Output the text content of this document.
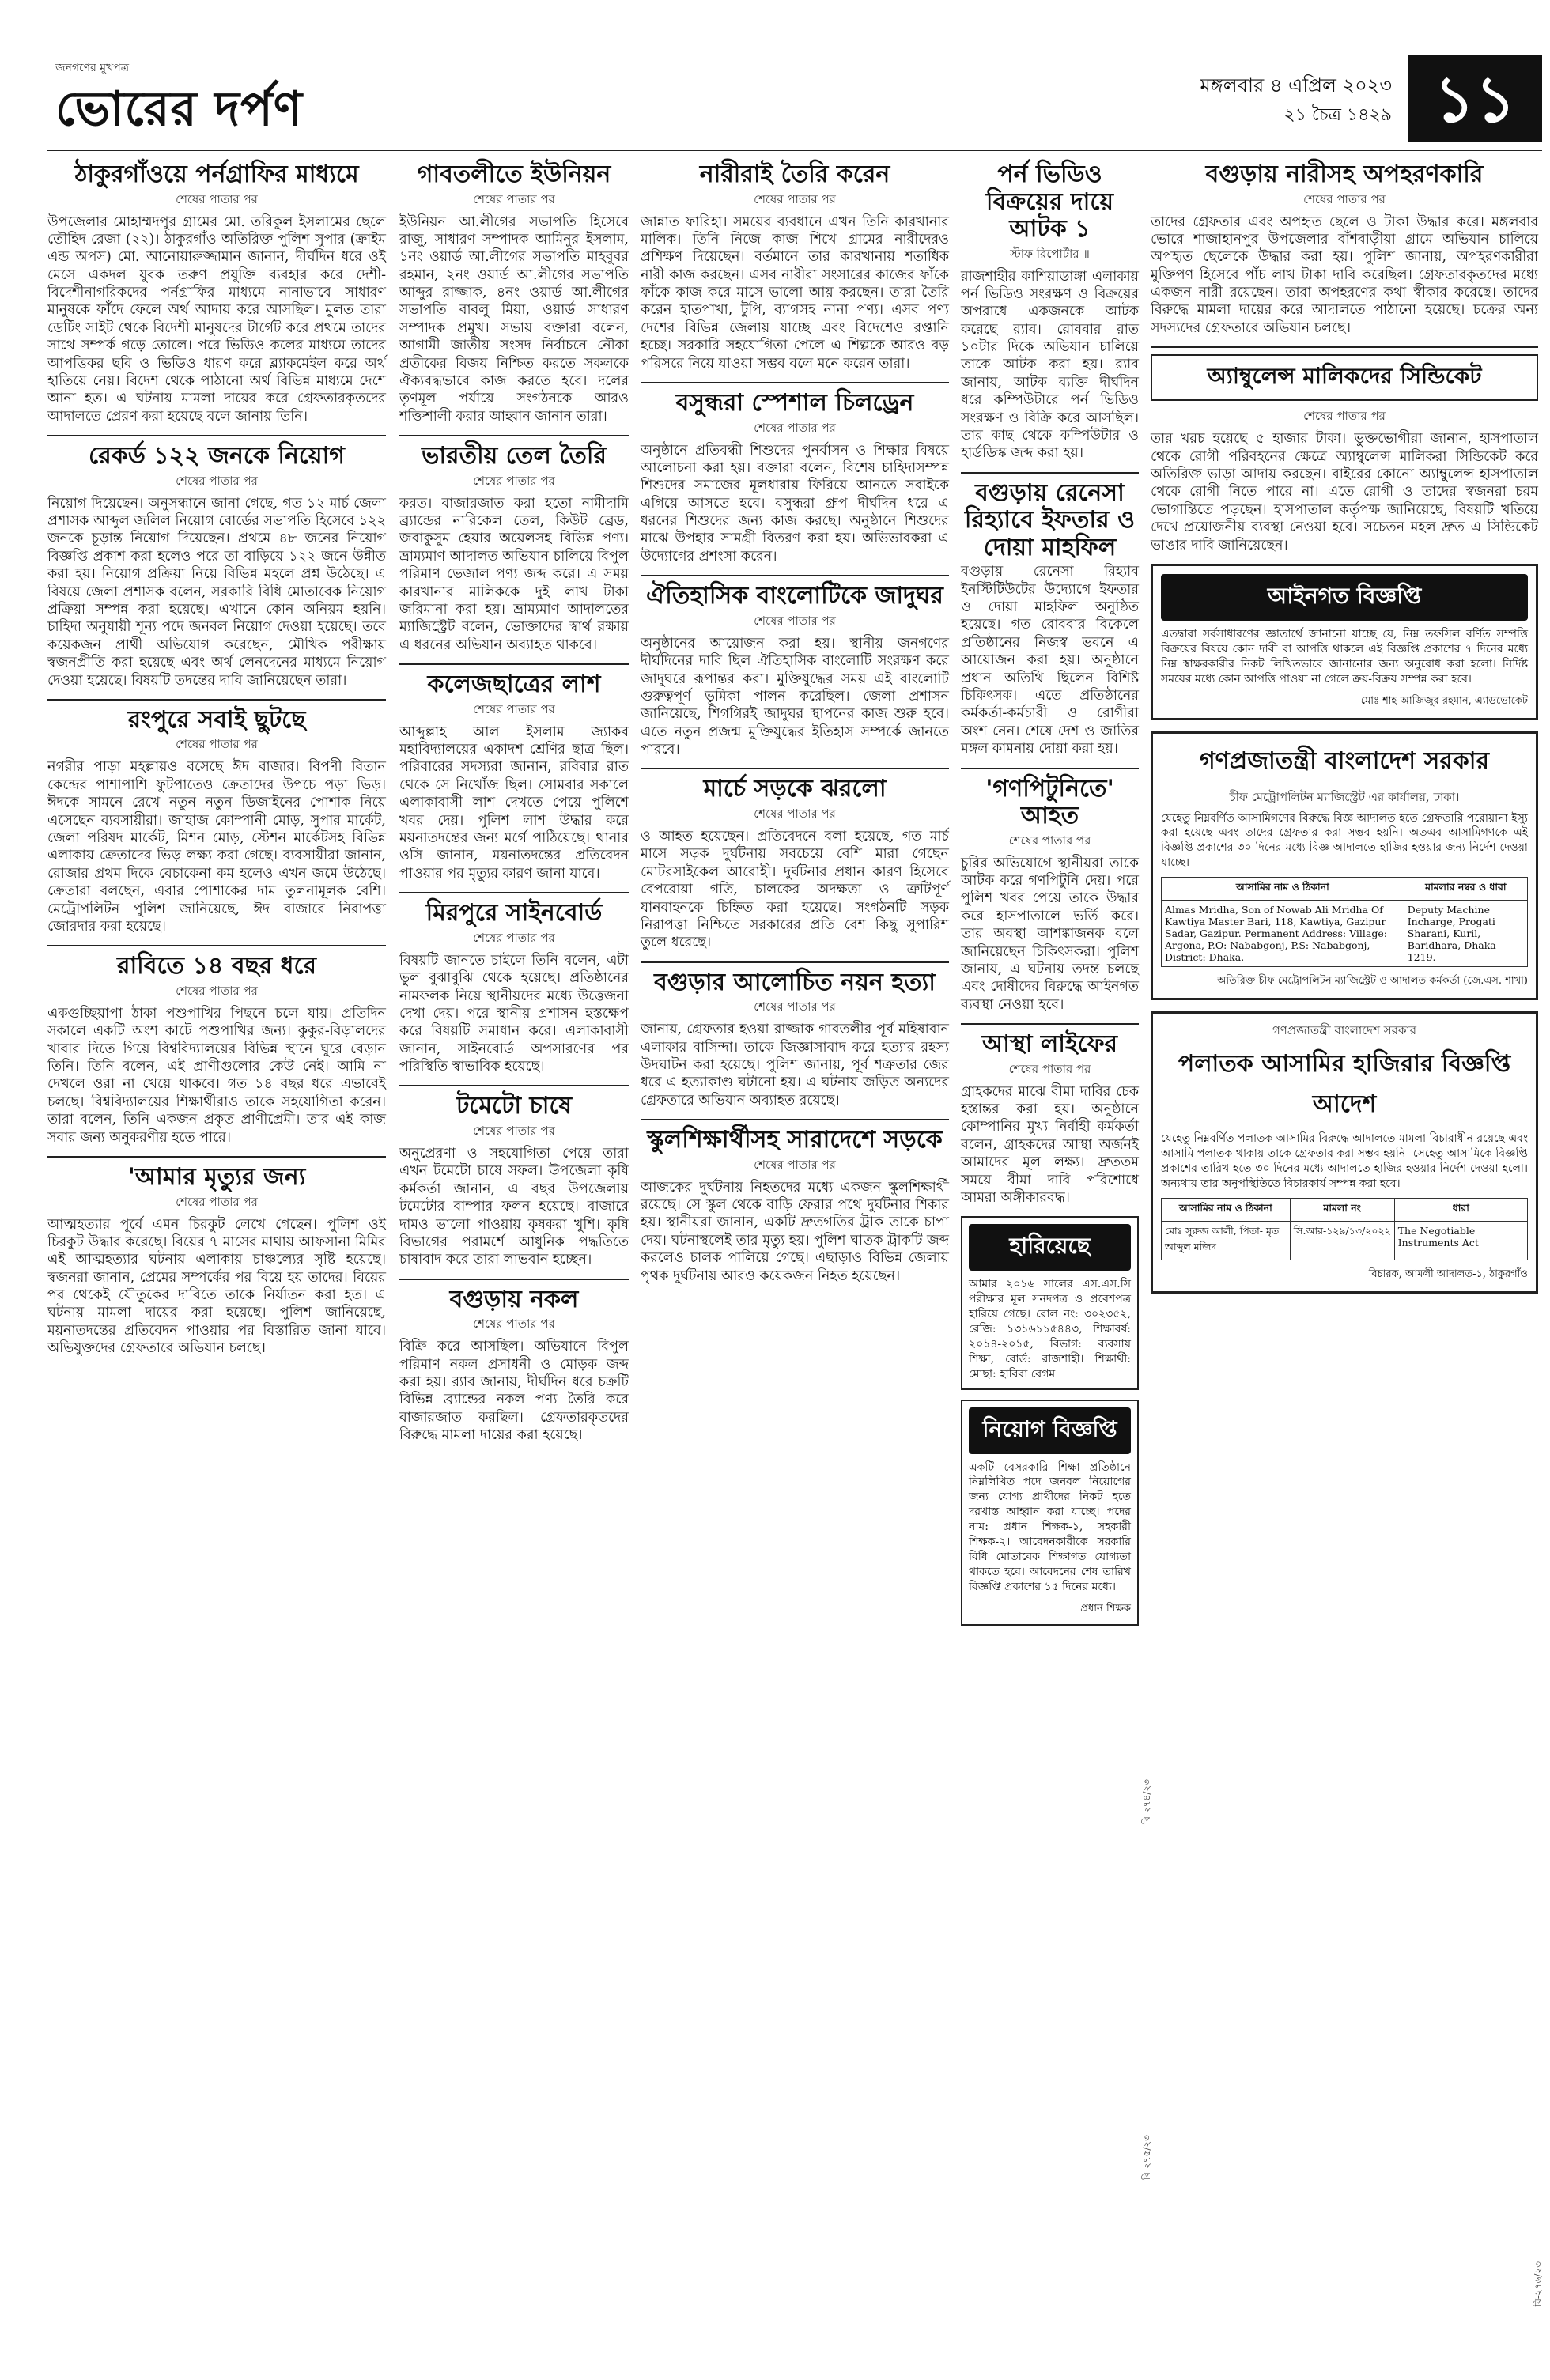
জনগণের মুখপত্র
ভোরের দর্পণ	মঙ্গলবার ৪ এপ্রিল ২০২৩
২১ চৈত্র ১৪২৯ ১১
ঠাকুরগাঁওয়ে পর্নগ্রাফির মাধ্যমে
শেষের পাতার পর
উপজেলার মোহাম্মদপুর গ্রামের মো. তরিকুল ইসলামের ছেলে তৌহিদ রেজা (২২)। ঠাকুরগাঁও অতিরিক্ত পুলিশ সুপার (ক্রাইম এন্ড অপস) মো. আনোয়ারুজ্জামান জানান, দীর্ঘদিন ধরে ওই মেসে একদল যুবক তরুণ প্রযুক্তি ব্যবহার করে দেশী-বিদেশীনাগরিকদের পর্নগ্রাফির মাধ্যমে নানাভাবে সাধারণ মানুষকে ফাঁদে ফেলে অর্থ আদায় করে আসছিল। মুলত তারা ডেটিং সাইট থেকে বিদেশী মানুষদের টার্গেট করে প্রথমে তাদের সাথে সম্পর্ক গড়ে তোলে। পরে ভিডিও কলের মাধ্যমে তাদের আপত্তিকর ছবি ও ভিডিও ধারণ করে ব্ল্যাকমেইল করে অর্থ হাতিয়ে নেয়। বিদেশ থেকে পাঠানো অর্থ বিভিন্ন মাধ্যমে দেশে আনা হত। এ ঘটনায় মামলা দায়ের করে গ্রেফতারকৃতদের আদালতে প্রেরণ করা হয়েছে বলে জানায় তিনি।
রেকর্ড ১২২ জনকে নিয়োগ
শেষের পাতার পর
নিয়োগ দিয়েছেন। অনুসন্ধানে জানা গেছে, গত ১২ মার্চ জেলা প্রশাসক আব্দুল জলিল নিয়োগ বোর্ডের সভাপতি হিসেবে ১২২ জনকে চূড়ান্ত নিয়োগ দিয়েছেন। প্রথমে ৪৮ জনের নিয়োগ বিজ্ঞপ্তি প্রকাশ করা হলেও পরে তা বাড়িয়ে ১২২ জনে উন্নীত করা হয়। নিয়োগ প্রক্রিয়া নিয়ে বিভিন্ন মহলে প্রশ্ন উঠেছে। এ বিষয়ে জেলা প্রশাসক বলেন, সরকারি বিধি মোতাবেক নিয়োগ প্রক্রিয়া সম্পন্ন করা হয়েছে। এখানে কোন অনিয়ম হয়নি। চাহিদা অনুযায়ী শূন্য পদে জনবল নিয়োগ দেওয়া হয়েছে। তবে কয়েকজন প্রার্থী অভিযোগ করেছেন, মৌখিক পরীক্ষায় স্বজনপ্রীতি করা হয়েছে এবং অর্থ লেনদেনের মাধ্যমে নিয়োগ দেওয়া হয়েছে। বিষয়টি তদন্তের দাবি জানিয়েছেন তারা।
রংপুরে সবাই ছুটছে
শেষের পাতার পর
নগরীর পাড়া মহল্লায়ও বসেছে ঈদ বাজার। বিপণী বিতান কেন্দ্রের পাশাপাশি ফুটপাতেও ক্রেতাদের উপচে পড়া ভিড়। ঈদকে সামনে রেখে নতুন নতুন ডিজাইনের পোশাক নিয়ে এসেছেন ব্যবসায়ীরা। জাহাজ কোম্পানী মোড়, সুপার মার্কেট, জেলা পরিষদ মার্কেট, মিশন মোড়, স্টেশন মার্কেটসহ বিভিন্ন এলাকায় ক্রেতাদের ভিড় লক্ষ্য করা গেছে। ব্যবসায়ীরা জানান, রোজার প্রথম দিকে বেচাকেনা কম হলেও এখন জমে উঠেছে। ক্রেতারা বলছেন, এবার পোশাকের দাম তুলনামূলক বেশি। মেট্রোপলিটন পুলিশ জানিয়েছে, ঈদ বাজারে নিরাপত্তা জোরদার করা হয়েছে।
রাবিতে ১৪ বছর ধরে
শেষের পাতার পর
একগুচ্ছিয়াপা ঠাকা পশুপাখির পিছনে চলে যায়। প্রতিদিন সকালে একটি অংশ কাটে পশুপাখির জন্য। কুকুর-বিড়ালদের খাবার দিতে গিয়ে বিশ্ববিদ্যালয়ের বিভিন্ন স্থানে ঘুরে বেড়ান তিনি। তিনি বলেন, এই প্রাণীগুলোর কেউ নেই। আমি না দেখলে ওরা না খেয়ে থাকবে। গত ১৪ বছর ধরে এভাবেই চলছে। বিশ্ববিদ্যালয়ের শিক্ষার্থীরাও তাকে সহযোগিতা করেন। তারা বলেন, তিনি একজন প্রকৃত প্রাণীপ্রেমী। তার এই কাজ সবার জন্য অনুকরণীয় হতে পারে।
'আমার মৃত্যুর জন্য
শেষের পাতার পর
আত্মহত্যার পূর্বে এমন চিরকুট লেখে গেছেন। পুলিশ ওই চিরকুট উদ্ধার করেছে। বিয়ের ৭ মাসের মাথায় আফসানা মিমির এই আত্মহত্যার ঘটনায় এলাকায় চাঞ্চল্যের সৃষ্টি হয়েছে। স্বজনরা জানান, প্রেমের সম্পর্কের পর বিয়ে হয় তাদের। বিয়ের পর থেকেই যৌতুকের দাবিতে তাকে নির্যাতন করা হত। এ ঘটনায় মামলা দায়ের করা হয়েছে। পুলিশ জানিয়েছে, ময়নাতদন্তের প্রতিবেদন পাওয়ার পর বিস্তারিত জানা যাবে। অভিযুক্তদের গ্রেফতারে অভিযান চলছে।
গাবতলীতে ইউনিয়ন
শেষের পাতার পর
ইউনিয়ন আ.লীগের সভাপতি হিসেবে রাজু, সাধারণ সম্পাদক আমিনুর ইসলাম, ১নং ওয়ার্ড আ.লীগের সভাপতি মাহবুবর রহমান, ২নং ওয়ার্ড আ.লীগের সভাপতি আব্দুর রাজ্জাক, ৪নং ওয়ার্ড আ.লীগের সভাপতি বাবলু মিয়া, ওয়ার্ড সাধারণ সম্পাদক প্রমুখ। সভায় বক্তারা বলেন, আগামী জাতীয় সংসদ নির্বাচনে নৌকা প্রতীকের বিজয় নিশ্চিত করতে সকলকে ঐক্যবদ্ধভাবে কাজ করতে হবে। দলের তৃণমূল পর্যায়ে সংগঠনকে আরও শক্তিশালী করার আহ্বান জানান তারা।
ভারতীয় তেল তৈরি
শেষের পাতার পর
করত। বাজারজাত করা হতো নামীদামি ব্র্যান্ডের নারিকেল তেল, কিউট ব্রেড, জবাকুসুম হেয়ার অয়েলসহ বিভিন্ন পণ্য। ভ্রাম্যমাণ আদালত অভিযান চালিয়ে বিপুল পরিমাণ ভেজাল পণ্য জব্দ করে। এ সময় কারখানার মালিককে দুই লাখ টাকা জরিমানা করা হয়। ভ্রাম্যমাণ আদালতের ম্যাজিস্ট্রেট বলেন, ভোক্তাদের স্বার্থ রক্ষায় এ ধরনের অভিযান অব্যাহত থাকবে।
কলেজছাত্রের লাশ
শেষের পাতার পর
আব্দুল্লাহ আল ইসলাম জ্যাকব মহাবিদ্যালয়ের একাদশ শ্রেণির ছাত্র ছিল। পরিবারের সদস্যরা জানান, রবিবার রাত থেকে সে নিখোঁজ ছিল। সোমবার সকালে এলাকাবাসী লাশ দেখতে পেয়ে পুলিশে খবর দেয়। পুলিশ লাশ উদ্ধার করে ময়নাতদন্তের জন্য মর্গে পাঠিয়েছে। থানার ওসি জানান, ময়নাতদন্তের প্রতিবেদন পাওয়ার পর মৃত্যুর কারণ জানা যাবে।
মিরপুরে সাইনবোর্ড
শেষের পাতার পর
বিষয়টি জানতে চাইলে তিনি বলেন, এটা ভুল বুঝাবুঝি থেকে হয়েছে। প্রতিষ্ঠানের নামফলক নিয়ে স্থানীয়দের মধ্যে উত্তেজনা দেখা দেয়। পরে স্থানীয় প্রশাসন হস্তক্ষেপ করে বিষয়টি সমাধান করে। এলাকাবাসী জানান, সাইনবোর্ড অপসারণের পর পরিস্থিতি স্বাভাবিক হয়েছে।
টমেটো চাষে
শেষের পাতার পর
অনুপ্রেরণা ও সহযোগিতা পেয়ে তারা এখন টমেটো চাষে সফল। উপজেলা কৃষি কর্মকর্তা জানান, এ বছর উপজেলায় টমেটোর বাম্পার ফলন হয়েছে। বাজারে দামও ভালো পাওয়ায় কৃষকরা খুশি। কৃষি বিভাগের পরামর্শে আধুনিক পদ্ধতিতে চাষাবাদ করে তারা লাভবান হচ্ছেন।
বগুড়ায় নকল
শেষের পাতার পর
বিক্রি করে আসছিল। অভিযানে বিপুল পরিমাণ নকল প্রসাধনী ও মোড়ক জব্দ করা হয়। র‍্যাব জানায়, দীর্ঘদিন ধরে চক্রটি বিভিন্ন ব্র্যান্ডের নকল পণ্য তৈরি করে বাজারজাত করছিল। গ্রেফতারকৃতদের বিরুদ্ধে মামলা দায়ের করা হয়েছে।
নারীরাই তৈরি করেন
শেষের পাতার পর
জান্নাত ফারিহা। সময়ের ব্যবধানে এখন তিনি কারখানার মালিক। তিনি নিজে কাজ শিখে গ্রামের নারীদেরও প্রশিক্ষণ দিয়েছেন। বর্তমানে তার কারখানায় শতাধিক নারী কাজ করছেন। এসব নারীরা সংসারের কাজের ফাঁকে ফাঁকে কাজ করে মাসে ভালো আয় করছেন। তারা তৈরি করেন হাতপাখা, টুপি, ব্যাগসহ নানা পণ্য। এসব পণ্য দেশের বিভিন্ন জেলায় যাচ্ছে এবং বিদেশেও রপ্তানি হচ্ছে। সরকারি সহযোগিতা পেলে এ শিল্পকে আরও বড় পরিসরে নিয়ে যাওয়া সম্ভব বলে মনে করেন তারা।
বসুন্ধরা স্পেশাল চিলড্রেন
শেষের পাতার পর
অনুষ্ঠানে প্রতিবন্ধী শিশুদের পুনর্বাসন ও শিক্ষার বিষয়ে আলোচনা করা হয়। বক্তারা বলেন, বিশেষ চাহিদাসম্পন্ন শিশুদের সমাজের মূলধারায় ফিরিয়ে আনতে সবাইকে এগিয়ে আসতে হবে। বসুন্ধরা গ্রুপ দীর্ঘদিন ধরে এ ধরনের শিশুদের জন্য কাজ করছে। অনুষ্ঠানে শিশুদের মাঝে উপহার সামগ্রী বিতরণ করা হয়। অভিভাবকরা এ উদ্যোগের প্রশংসা করেন।
ঐতিহাসিক বাংলোটিকে জাদুঘর
শেষের পাতার পর
অনুষ্ঠানের আয়োজন করা হয়। স্থানীয় জনগণের দীর্ঘদিনের দাবি ছিল ঐতিহাসিক বাংলোটি সংরক্ষণ করে জাদুঘরে রূপান্তর করা। মুক্তিযুদ্ধের সময় এই বাংলোটি গুরুত্বপূর্ণ ভূমিকা পালন করেছিল। জেলা প্রশাসন জানিয়েছে, শিগগিরই জাদুঘর স্থাপনের কাজ শুরু হবে। এতে নতুন প্রজন্ম মুক্তিযুদ্ধের ইতিহাস সম্পর্কে জানতে পারবে।
মার্চে সড়কে ঝরলো
শেষের পাতার পর
ও আহত হয়েছেন। প্রতিবেদনে বলা হয়েছে, গত মার্চ মাসে সড়ক দুর্ঘটনায় সবচেয়ে বেশি মারা গেছেন মোটরসাইকেল আরোহী। দুর্ঘটনার প্রধান কারণ হিসেবে বেপরোয়া গতি, চালকের অদক্ষতা ও ত্রুটিপূর্ণ যানবাহনকে চিহ্নিত করা হয়েছে। সংগঠনটি সড়ক নিরাপত্তা নিশ্চিতে সরকারের প্রতি বেশ কিছু সুপারিশ তুলে ধরেছে।
বগুড়ার আলোচিত নয়ন হত্যা
শেষের পাতার পর
জানায়, গ্রেফতার হওয়া রাজ্জাক গাবতলীর পূর্ব মহিষাবান এলাকার বাসিন্দা। তাকে জিজ্ঞাসাবাদ করে হত্যার রহস্য উদঘাটন করা হয়েছে। পুলিশ জানায়, পূর্ব শত্রুতার জের ধরে এ হত্যাকাণ্ড ঘটানো হয়। এ ঘটনায় জড়িত অন্যদের গ্রেফতারে অভিযান অব্যাহত রয়েছে।
স্কুলশিক্ষার্থীসহ সারাদেশে সড়কে
শেষের পাতার পর
আজকের দুর্ঘটনায় নিহতদের মধ্যে একজন স্কুলশিক্ষার্থী রয়েছে। সে স্কুল থেকে বাড়ি ফেরার পথে দুর্ঘটনার শিকার হয়। স্থানীয়রা জানান, একটি দ্রুতগতির ট্রাক তাকে চাপা দেয়। ঘটনাস্থলেই তার মৃত্যু হয়। পুলিশ ঘাতক ট্রাকটি জব্দ করলেও চালক পালিয়ে গেছে। এছাড়াও বিভিন্ন জেলায় পৃথক দুর্ঘটনায় আরও কয়েকজন নিহত হয়েছেন।
পর্ন ভিডিও বিক্রয়ের দায়ে আটক ১
স্টাফ রিপোর্টার ॥
রাজশাহীর কাশিয়াডাঙ্গা এলাকায় পর্ন ভিডিও সংরক্ষণ ও বিক্রয়ের অপরাধে একজনকে আটক করেছে র‍্যাব। রোববার রাত ১০টার দিকে অভিযান চালিয়ে তাকে আটক করা হয়। র‍্যাব জানায়, আটক ব্যক্তি দীর্ঘদিন ধরে কম্পিউটারে পর্ন ভিডিও সংরক্ষণ ও বিক্রি করে আসছিল। তার কাছ থেকে কম্পিউটার ও হার্ডডিস্ক জব্দ করা হয়।
বগুড়ায় রেনেসা রিহ্যাবে ইফতার ও দোয়া মাহফিল
বগুড়ায় রেনেসা রিহ্যাব ইনস্টিটিউটের উদ্যোগে ইফতার ও দোয়া মাহফিল অনুষ্ঠিত হয়েছে। গত রোববার বিকেলে প্রতিষ্ঠানের নিজস্ব ভবনে এ আয়োজন করা হয়। অনুষ্ঠানে প্রধান অতিথি ছিলেন বিশিষ্ট চিকিৎসক। এতে প্রতিষ্ঠানের কর্মকর্তা-কর্মচারী ও রোগীরা অংশ নেন। শেষে দেশ ও জাতির মঙ্গল কামনায় দোয়া করা হয়।
'গণপিটুনিতে' আহত
শেষের পাতার পর
চুরির অভিযোগে স্থানীয়রা তাকে আটক করে গণপিটুনি দেয়। পরে পুলিশ খবর পেয়ে তাকে উদ্ধার করে হাসপাতালে ভর্তি করে। তার অবস্থা আশঙ্কাজনক বলে জানিয়েছেন চিকিৎসকরা। পুলিশ জানায়, এ ঘটনায় তদন্ত চলছে এবং দোষীদের বিরুদ্ধে আইনগত ব্যবস্থা নেওয়া হবে।
আস্থা লাইফের
শেষের পাতার পর
গ্রাহকদের মাঝে বীমা দাবির চেক হস্তান্তর করা হয়। অনুষ্ঠানে কোম্পানির মুখ্য নির্বাহী কর্মকর্তা বলেন, গ্রাহকদের আস্থা অর্জনই আমাদের মূল লক্ষ্য। দ্রুততম সময়ে বীমা দাবি পরিশোধে আমরা অঙ্গীকারবদ্ধ।
হারিয়েছে
আমার ২০১৬ সালের এস.এস.সি পরীক্ষার মূল সনদপত্র ও প্রবেশপত্র হারিয়ে গেছে। রোল নং: ৩০২৩৫২, রেজি: ১৩১৬১১৫৪৪৩, শিক্ষাবর্ষ: ২০১৪-২০১৫, বিভাগ: ব্যবসায় শিক্ষা, বোর্ড: রাজশাহী। শিক্ষার্থী: মোছা: হাবিবা বেগম
নিয়োগ বিজ্ঞপ্তি
একটি বেসরকারি শিক্ষা প্রতিষ্ঠানে নিম্নলিখিত পদে জনবল নিয়োগের জন্য যোগ্য প্রার্থীদের নিকট হতে দরখাস্ত আহ্বান করা যাচ্ছে। পদের নাম: প্রধান শিক্ষক-১, সহকারী শিক্ষক-২। আবেদনকারীকে সরকারি বিধি মোতাবেক শিক্ষাগত যোগ্যতা থাকতে হবে। আবেদনের শেষ তারিখ বিজ্ঞপ্তি প্রকাশের ১৫ দিনের মধ্যে।
প্রধান শিক্ষক
বগুড়ায় নারীসহ অপহরণকারি
শেষের পাতার পর
তাদের গ্রেফতার এবং অপহৃত ছেলে ও টাকা উদ্ধার করে। মঙ্গলবার ভোরে শাজাহানপুর উপজেলার বাঁশবাড়ীয়া গ্রামে অভিযান চালিয়ে অপহৃত ছেলেকে উদ্ধার করা হয়। পুলিশ জানায়, অপহরণকারীরা মুক্তিপণ হিসেবে পাঁচ লাখ টাকা দাবি করেছিল। গ্রেফতারকৃতদের মধ্যে একজন নারী রয়েছেন। তারা অপহরণের কথা স্বীকার করেছে। তাদের বিরুদ্ধে মামলা দায়ের করে আদালতে পাঠানো হয়েছে। চক্রের অন্য সদস্যদের গ্রেফতারে অভিযান চলছে।
অ্যাম্বুলেন্স মালিকদের সিন্ডিকেট
শেষের পাতার পর
তার খরচ হয়েছে ৫ হাজার টাকা। ভুক্তভোগীরা জানান, হাসপাতাল থেকে রোগী পরিবহনের ক্ষেত্রে অ্যাম্বুলেন্স মালিকরা সিন্ডিকেট করে অতিরিক্ত ভাড়া আদায় করছেন। বাইরের কোনো অ্যাম্বুলেন্স হাসপাতাল থেকে রোগী নিতে পারে না। এতে রোগী ও তাদের স্বজনরা চরম ভোগান্তিতে পড়ছেন। হাসপাতাল কর্তৃপক্ষ জানিয়েছে, বিষয়টি খতিয়ে দেখে প্রয়োজনীয় ব্যবস্থা নেওয়া হবে। সচেতন মহল দ্রুত এ সিন্ডিকেট ভাঙার দাবি জানিয়েছেন।
আইনগত বিজ্ঞপ্তি
এতদ্বারা সর্বসাধারণের জ্ঞাতার্থে জানানো যাচ্ছে যে, নিম্ন তফসিল বর্ণিত সম্পত্তি বিক্রয়ের বিষয়ে কোন দাবী বা আপত্তি থাকলে এই বিজ্ঞপ্তি প্রকাশের ৭ দিনের মধ্যে নিম্ন স্বাক্ষরকারীর নিকট লিখিতভাবে জানানোর জন্য অনুরোধ করা হলো। নির্দিষ্ট সময়ের মধ্যে কোন আপত্তি পাওয়া না গেলে ক্রয়-বিক্রয় সম্পন্ন করা হবে।
মোঃ শাহ আজিজুর রহমান, এ্যাডভোকেট
গণপ্রজাতন্ত্রী বাংলাদেশ সরকার
চীফ মেট্রোপলিটন ম্যাজিস্ট্রেট এর কার্যালয়, ঢাকা।
যেহেতু নিম্নবর্ণিত আসামিগণের বিরুদ্ধে বিজ্ঞ আদালত হতে গ্রেফতারি পরোয়ানা ইস্যু করা হয়েছে এবং তাদের গ্রেফতার করা সম্ভব হয়নি। অতএব আসামিগণকে এই বিজ্ঞপ্তি প্রকাশের ৩০ দিনের মধ্যে বিজ্ঞ আদালতে হাজির হওয়ার জন্য নির্দেশ দেওয়া যাচ্ছে।
আসামির নাম ও ঠিকানা	মামলার নম্বর ও ধারা
Almas Mridha, Son of Nowab Ali Mridha Of Kawtiya Master Bari, 118, Kawtiya, Gazipur Sadar, Gazipur. Permanent Address: Village: Argona, P.O: Nababgonj, P.S: Nababgonj, District: Dhaka.	Deputy Machine Incharge, Progati Sharani, Kuril, Baridhara, Dhaka-1219.
অতিরিক্ত চীফ মেট্রোপলিটন ম্যাজিস্ট্রেট ও আদালত কর্মকর্তা (জে.এস. শাখা)
গণপ্রজাতন্ত্রী বাংলাদেশ সরকার
পলাতক আসামির হাজিরার বিজ্ঞপ্তি আদেশ
যেহেতু নিম্নবর্ণিত পলাতক আসামির বিরুদ্ধে আদালতে মামলা বিচারাধীন রয়েছে এবং আসামি পলাতক থাকায় তাকে গ্রেফতার করা সম্ভব হয়নি। সেহেতু আসামিকে বিজ্ঞপ্তি প্রকাশের তারিখ হতে ৩০ দিনের মধ্যে আদালতে হাজির হওয়ার নির্দেশ দেওয়া হলো। অন্যথায় তার অনুপস্থিতিতে বিচারকার্য সম্পন্ন করা হবে।
আসামির নাম ও ঠিকানা	মামলা নং	ধারা
মোঃ সুরুজ আলী, পিতা- মৃত আব্দুল মজিদ	সি.আর-১২৯/১৩/২০২২	The Negotiable Instruments Act
বিচারক, আমলী আদালত-১, ঠাকুরগাঁও
বি-২৭৪/২৩
বি-২৭৫/২৩
বি-২৭৬/২৩
